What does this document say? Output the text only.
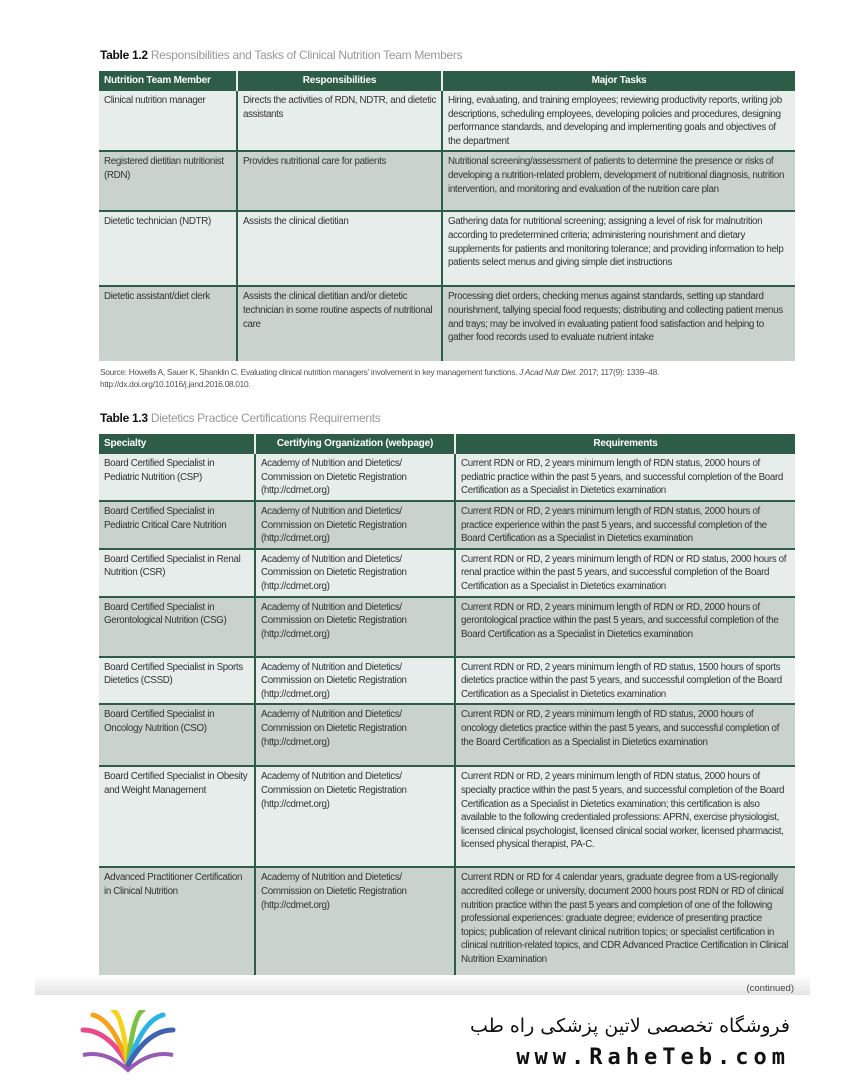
Table 1.2 Responsibilities and Tasks of Clinical Nutrition Team Members
Nutrition Team Member	Responsibilities	Major Tasks
Clinical nutrition manager	Directs the activities of RDN, NDTR, and dietetic assistants	Hiring, evaluating, and training employees; reviewing productivity reports, writing job descriptions, scheduling employees, developing policies and procedures, designing performance standards, and developing and implementing goals and objectives of the department
Registered dietitian nutritionist (RDN)	Provides nutritional care for patients	Nutritional screening/assessment of patients to determine the presence or risks of developing a nutrition-related problem, development of nutritional diagnosis, nutrition intervention, and monitoring and evaluation of the nutrition care plan
Dietetic technician (NDTR)	Assists the clinical dietitian	Gathering data for nutritional screening; assigning a level of risk for malnutrition according to predetermined criteria; administering nourishment and dietary supplements for patients and monitoring tolerance; and providing information to help patients select menus and giving simple diet instructions
Dietetic assistant/diet clerk	Assists the clinical dietitian and/or dietetic technician in some routine aspects of nutritional care	Processing diet orders, checking menus against standards, setting up standard nourishment, tallying special food requests; distributing and collecting patient menus and trays; may be involved in evaluating patient food satisfaction and helping to gather food records used to evaluate nutrient intake
Source: Howells A, Sauer K, Shanklin C. Evaluating clinical nutrition managers' involvement in key management functions. J Acad Nutr Diet. 2017; 117(9): 1339–48. http://dx.doi.org/10.1016/j.jand.2016.08.010.
Table 1.3 Dietetics Practice Certifications Requirements
Specialty	Certifying Organization (webpage)	Requirements
Board Certified Specialist in Pediatric Nutrition (CSP)	Academy of Nutrition and Dietetics/ Commission on Dietetic Registration (http://cdrnet.org)	Current RDN or RD, 2 years minimum length of RDN status, 2000 hours of pediatric practice within the past 5 years, and successful completion of the Board Certification as a Specialist in Dietetics examination
Board Certified Specialist in Pediatric Critical Care Nutrition	Academy of Nutrition and Dietetics/ Commission on Dietetic Registration (http://cdrnet.org)	Current RDN or RD, 2 years minimum length of RDN status, 2000 hours of practice experience within the past 5 years, and successful completion of the Board Certification as a Specialist in Dietetics examination
Board Certified Specialist in Renal Nutrition (CSR)	Academy of Nutrition and Dietetics/ Commission on Dietetic Registration (http://cdrnet.org)	Current RDN or RD, 2 years minimum length of RDN or RD status, 2000 hours of renal practice within the past 5 years, and successful completion of the Board Certification as a Specialist in Dietetics examination
Board Certified Specialist in Gerontological Nutrition (CSG)	Academy of Nutrition and Dietetics/ Commission on Dietetic Registration (http://cdrnet.org)	Current RDN or RD, 2 years minimum length of RDN or RD, 2000 hours of gerontological practice within the past 5 years, and successful completion of the Board Certification as a Specialist in Dietetics examination
Board Certified Specialist in Sports Dietetics (CSSD)	Academy of Nutrition and Dietetics/ Commission on Dietetic Registration (http://cdrnet.org)	Current RDN or RD, 2 years minimum length of RD status, 1500 hours of sports dietetics practice within the past 5 years, and successful completion of the Board Certification as a Specialist in Dietetics examination
Board Certified Specialist in Oncology Nutrition (CSO)	Academy of Nutrition and Dietetics/ Commission on Dietetic Registration (http://cdrnet.org)	Current RDN or RD, 2 years minimum length of RD status, 2000 hours of oncology dietetics practice within the past 5 years, and successful completion of the Board Certification as a Specialist in Dietetics examination
Board Certified Specialist in Obesity and Weight Management	Academy of Nutrition and Dietetics/ Commission on Dietetic Registration (http://cdrnet.org)	Current RDN or RD, 2 years minimum length of RDN status, 2000 hours of specialty practice within the past 5 years, and successful completion of the Board Certification as a Specialist in Dietetics examination; this certification is also available to the following credentialed professions: APRN, exercise physiologist, licensed clinical psychologist, licensed clinical social worker, licensed pharmacist, licensed physical therapist, PA-C.
Advanced Practitioner Certification in Clinical Nutrition	Academy of Nutrition and Dietetics/ Commission on Dietetic Registration (http://cdrnet.org)	Current RDN or RD for 4 calendar years, graduate degree from a US-regionally accredited college or university, document 2000 hours post RDN or RD of clinical nutrition practice within the past 5 years and completion of one of the following professional experiences: graduate degree; evidence of presenting practice topics; publication of relevant clinical nutrition topics; or specialist certification in clinical nutrition-related topics, and CDR Advanced Practice Certification in Clinical Nutrition Examination
(continued)
فروشگاه تخصصی لاتین پزشکی راه طب
www.RaheTeb.com
